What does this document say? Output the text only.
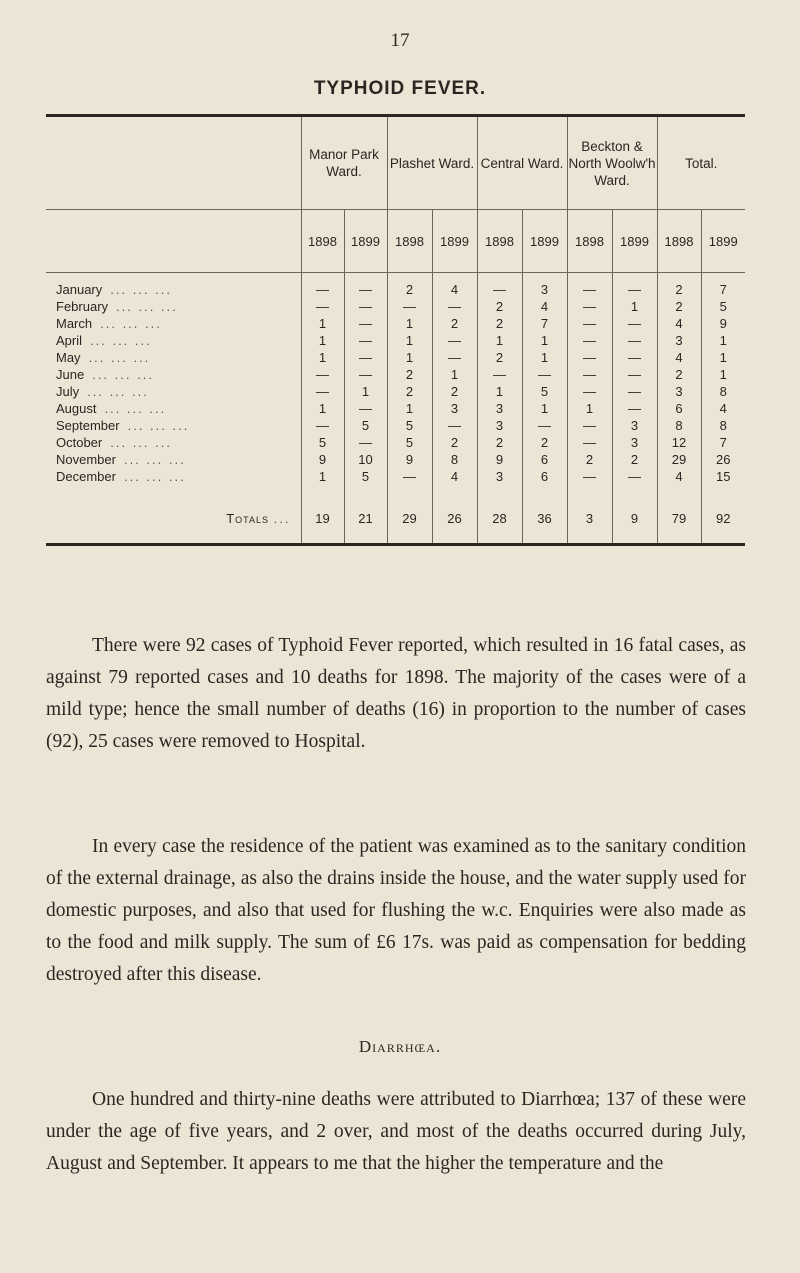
17
TYPHOID FEVER.
	Manor Park Ward.		Plashet Ward.		Central Ward.		Beckton & North Woolw'h Ward.		Total.	
	1898	1899	1898	1899	1898	1899	1898	1899	1898	1899
January ... ... ...	—	—	2	4	—	3	—	—	2	7
February ... ... ...	—	—	—	—	2	4	—	1	2	5
March ... ... ...	1	—	1	2	2	7	—	—	4	9
April ... ... ...	1	—	1	—	1	1	—	—	3	1
May ... ... ...	1	—	1	—	2	1	—	—	4	1
June ... ... ...	—	—	2	1	—	—	—	—	2	1
July ... ... ...	—	1	2	2	1	5	—	—	3	8
August ... ... ...	1	—	1	3	3	1	1	—	6	4
September ... ... ...	—	5	5	—	3	—	—	3	8	8
October ... ... ...	5	—	5	2	2	2	—	3	12	7
November ... ... ...	9	10	9	8	9	6	2	2	29	26
December ... ... ...	1	5	—	4	3	6	—	—	4	15
Totals ...	19	21	29	26	28	36	3	9	79	92

There were 92 cases of Typhoid Fever reported, which resulted in 16 fatal cases, as against 79 reported cases and 10 deaths for 1898. The majority of the cases were of a mild type; hence the small number of deaths (16) in proportion to the number of cases (92), 25 cases were removed to Hospital.

In every case the residence of the patient was examined as to the sanitary condition of the external drainage, as also the drains inside the house, and the water supply used for domestic purposes, and also that used for flushing the w.c. Enquiries were also made as to the food and milk supply. The sum of £6 17s. was paid as compensation for bedding destroyed after this disease.

Diarrhœa.

One hundred and thirty-nine deaths were attributed to Diarrhœa; 137 of these were under the age of five years, and 2 over, and most of the deaths occurred during July, August and September. It appears to me that the higher the temperature and the
